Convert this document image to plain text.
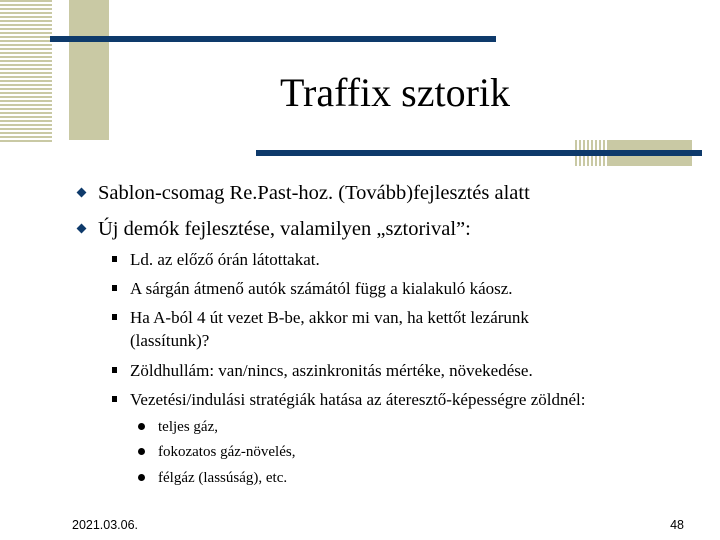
Traffix sztorik
Sablon-csomag Re.Past-hoz. (Tovább)fejlesztés alatt
Új demók fejlesztése, valamilyen „sztorival”:
Ld. az előző órán látottakat.
A sárgán átmenő autók számától függ a kialakuló káosz.
Ha A-ból 4 út vezet B-be, akkor mi van, ha kettőt lezárunk
(lassítunk)?
Zöldhullám: van/nincs, aszinkronitás mértéke, növekedése.
Vezetési/indulási stratégiák hatása az áteresztő-képességre zöldnél:
teljes gáz,
fokozatos gáz-növelés,
félgáz (lassúság), etc.
2021.03.06.	48
